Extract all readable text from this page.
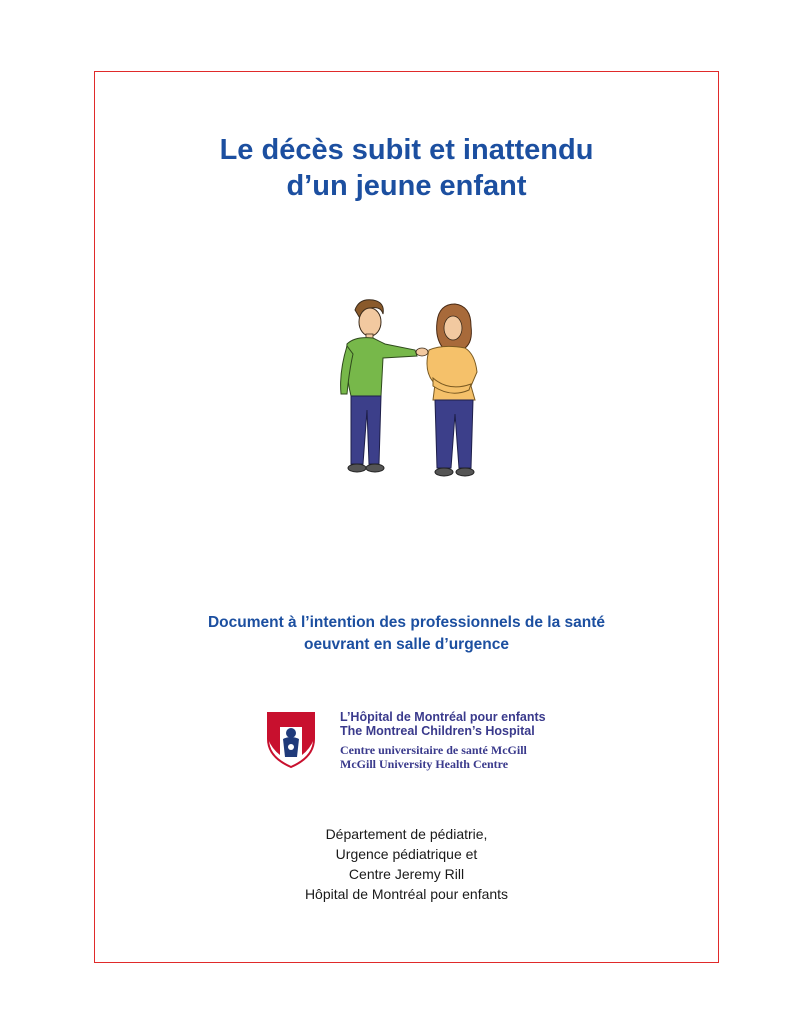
Le décès subit et inattendu
d’un jeune enfant
Document à l’intention des professionnels de la santé
oeuvrant en salle d’urgence
L’Hôpital de Montréal pour enfants
The Montreal Children’s Hospital
Centre universitaire de santé McGill
McGill University Health Centre
Département de pédiatrie,
Urgence pédiatrique et
Centre Jeremy Rill
Hôpital de Montréal pour enfants
